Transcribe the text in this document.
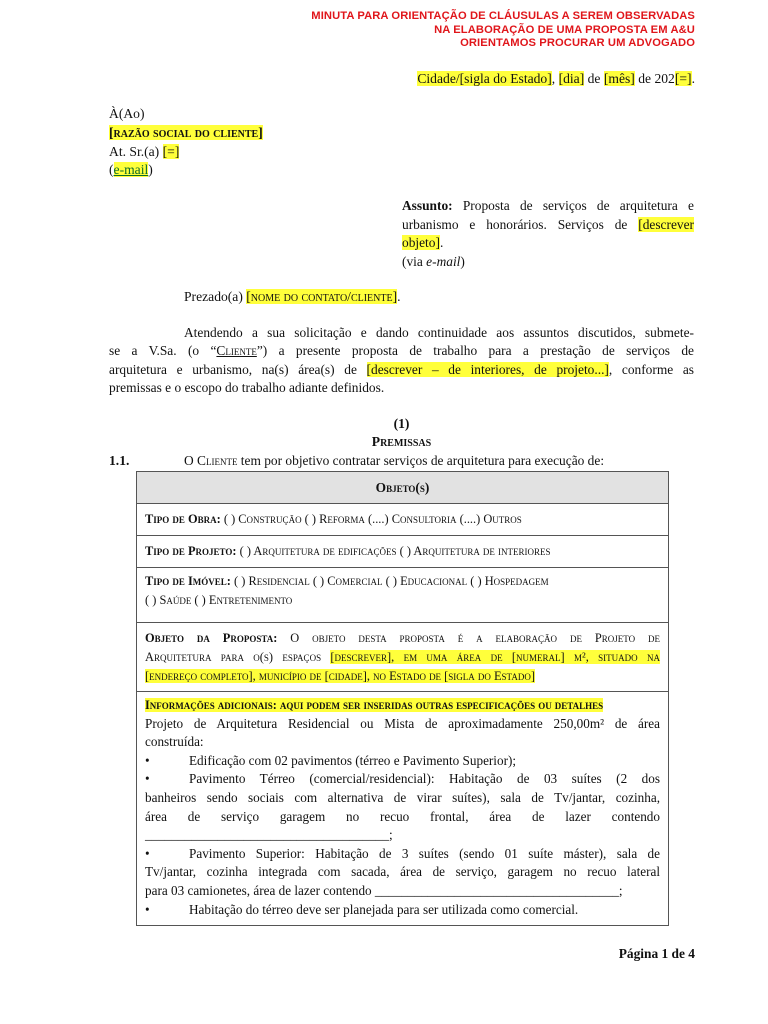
MINUTA PARA ORIENTAÇÃO DE CLÁUSULAS A SEREM OBSERVADAS
NA ELABORAÇÃO DE UMA PROPOSTA EM A&U
ORIENTAMOS PROCURAR UM ADVOGADO
Cidade/[sigla do Estado], [dia] de [mês] de 202[=].
À(Ao)
[razão social do cliente]
At. Sr.(a) [=]
(e-mail)
Assunto: Proposta de serviços de arquitetura e
urbanismo e honorários. Serviços de [descrever
objeto].
(via e-mail)
Prezado(a) [nome do contato/cliente].
Atendendo a sua solicitação e dando continuidade aos assuntos discutidos, submete-
se a V.Sa. (o “Cliente”) a presente proposta de trabalho para a prestação de serviços de
arquitetura e urbanismo, na(s) área(s) de [descrever – de interiores, de projeto...], conforme as
premissas e o escopo do trabalho adiante definidos.
(1)
Premissas
1.1.	O Cliente tem por objetivo contratar serviços de arquitetura para execução de:
Objeto(s)
Tipo de Obra: ( ) Construção ( ) Reforma (....) Consultoria (....) Outros
Tipo de Projeto: ( ) Arquitetura de edificações ( ) Arquitetura de interiores

Tipo de Imóvel: ( ) Residencial ( ) Comercial ( ) Educacional ( ) Hospedagem
( ) Saúde ( ) Entretenimento

Objeto da Proposta: O objeto desta proposta é a elaboração de Projeto de
Arquitetura para o(s) espaços [descrever], em uma área de [numeral] m², situado na
[endereço completo], município de [cidade], no Estado de [sigla do Estado]

Informações adicionais: aqui podem ser inseridas outras especificações ou detalhes
Projeto de Arquitetura Residencial ou Mista de aproximadamente 250,00m² de área
construída:
•	Edificação com 02 pavimentos (térreo e Pavimento Superior);
•	Pavimento Térreo (comercial/residencial): Habitação de 03 suítes (2 dos
banheiros sendo sociais com alternativa de virar suítes), sala de Tv/jantar, cozinha,
área de serviço garagem no recuo frontal, área de lazer contendo
_____________________________________;
•	Pavimento Superior: Habitação de 3 suítes (sendo 01 suíte máster), sala de
Tv/jantar, cozinha integrada com sacada, área de serviço, garagem no recuo lateral
para 03 camionetes, área de lazer contendo _____________________________________;
•	Habitação do térreo deve ser planejada para ser utilizada como comercial.
Página 1 de 4
